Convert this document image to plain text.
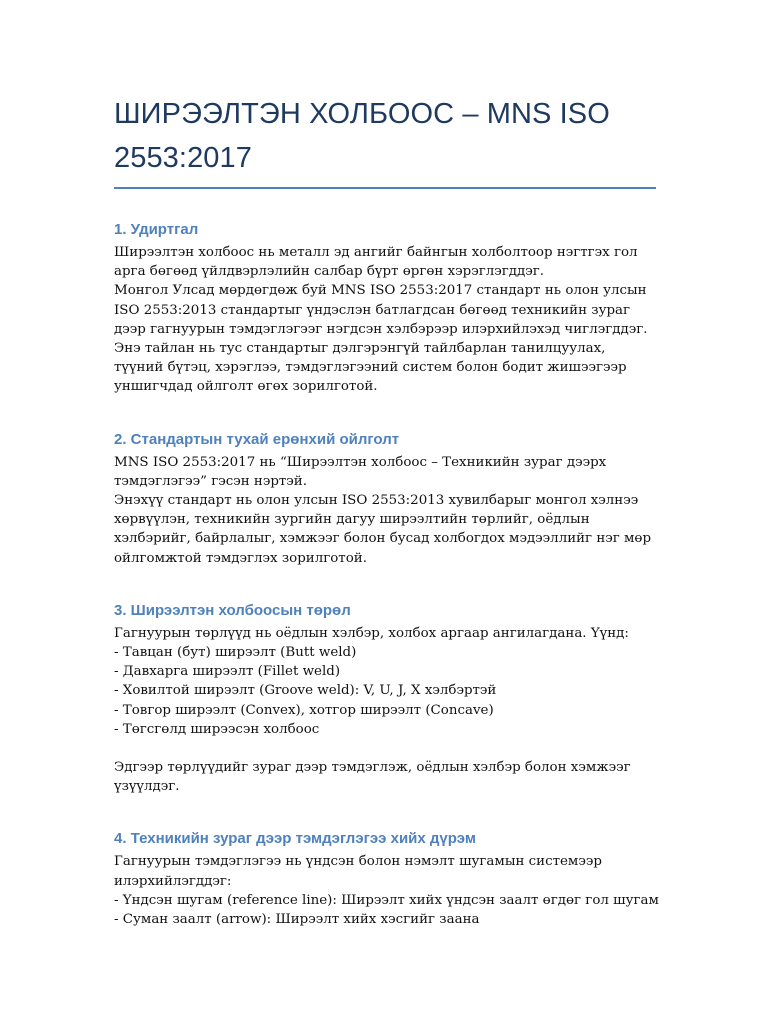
ШИРЭЭЛТЭН ХОЛБООС – MNS ISO 2553:2017
1. Удиртгал

Ширээлтэн холбоос нь металл эд ангийг байнгын холболтоор нэгтгэх гол арга бөгөөд үйлдвэрлэлийн салбар бүрт өргөн хэрэглэгддэг.

Монгол Улсад мөрдөгдөж буй MNS ISO 2553:2017 стандарт нь олон улсын ISO 2553:2013 стандартыг үндэслэн батлагдсан бөгөөд техникийн зураг дээр гагнуурын тэмдэглэгээг нэгдсэн хэлбэрээр илэрхийлэхэд чиглэгддэг.

Энэ тайлан нь тус стандартыг дэлгэрэнгүй тайлбарлан танилцуулах, түүний бүтэц, хэрэглээ, тэмдэглэгээний систем болон бодит жишээгээр уншигчдад ойлголт өгөх зорилготой.

2. Стандартын тухай ерөнхий ойлголт

MNS ISO 2553:2017 нь “Ширээлтэн холбоос – Техникийн зураг дээрх тэмдэглэгээ” гэсэн нэртэй.

Энэхүү стандарт нь олон улсын ISO 2553:2013 хувилбарыг монгол хэлнээ хөрвүүлэн, техникийн зургийн дагуу ширээлтийн төрлийг, оёдлын хэлбэрийг, байрлалыг, хэмжээг болон бусад холбогдох мэдээллийг нэг мөр ойлгомжтой тэмдэглэх зорилготой.

3. Ширээлтэн холбоосын төрөл

Гагнуурын төрлүүд нь оёдлын хэлбэр, холбох аргаар ангилагдана. Үүнд:

- Тавцан (бут) ширээлт (Butt weld)

- Давхарга ширээлт (Fillet weld)

- Ховилтой ширээлт (Groove weld): V, U, J, X хэлбэртэй

- Товгор ширээлт (Convex), хотгор ширээлт (Concave)

- Төгсгөлд ширээсэн холбоос

Эдгээр төрлүүдийг зураг дээр тэмдэглэж, оёдлын хэлбэр болон хэмжээг үзүүлдэг.

4. Техникийн зураг дээр тэмдэглэгээ хийх дүрэм

Гагнуурын тэмдэглэгээ нь үндсэн болон нэмэлт шугамын системээр илэрхийлэгддэг:

- Үндсэн шугам (reference line): Ширээлт хийх үндсэн заалт өгдөг гол шугам

- Суман заалт (arrow): Ширээлт хийх хэсгийг заана
